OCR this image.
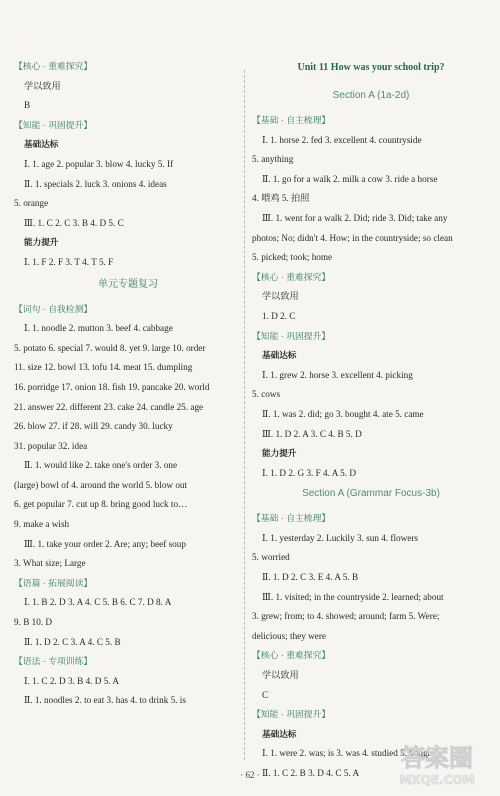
【核心 · 重难探究】
学以致用
B
【知能 · 巩固提升】
基础达标
Ⅰ. 1. age 2. popular 3. blow 4. lucky 5. If
Ⅱ. 1. specials 2. luck 3. onions 4. ideas
5. orange
Ⅲ. 1. C 2. C 3. B 4. D 5. C
能力提升
Ⅰ. 1. F 2. F 3. T 4. T 5. F
单元专题复习
【词句 · 自我检测】
Ⅰ. 1. noodle 2. mutton 3. beef 4. cabbage
5. potato 6. special 7. would 8. yet 9. large 10. order
11. size 12. bowl 13. tofu 14. meat 15. dumpling
16. porridge 17. onion 18. fish 19. pancake 20. world
21. answer 22. different 23. cake 24. candle 25. age
26. blow 27. if 28. will 29. candy 30. lucky
31. popular 32. idea
Ⅱ. 1. would like 2. take one's order 3. one
(large) bowl of 4. around the world 5. blow out
6. get popular 7. cut up 8. bring good luck to…
9. make a wish
Ⅲ. 1. take your order 2. Are; any; beef soup
3. What size; Large
【语篇 · 拓展阅读】
Ⅰ. 1. B 2. D 3. A 4. C 5. B 6. C 7. D 8. A
9. B 10. D
Ⅱ. 1. D 2. C 3. A 4. C 5. B
【语法 · 专项训练】
Ⅰ. 1. C 2. D 3. B 4. D 5. A
Ⅱ. 1. noodles 2. to eat 3. has 4. to drink 5. is
Unit 11 How was your school trip?
Section A (1a-2d)
【基础 · 自主梳理】
Ⅰ. 1. horse 2. fed 3. excellent 4. countryside
5. anything
Ⅱ. 1. go for a walk 2. milk a cow 3. ride a horse
4. 喂鸡 5. 拍照
Ⅲ. 1. went for a walk 2. Did; ride 3. Did; take any
photos; No; didn't 4. How; in the countryside; so clean
5. picked; took; home
【核心 · 重难探究】
学以致用
1. D 2. C
【知能 · 巩固提升】
基础达标
Ⅰ. 1. grew 2. horse 3. excellent 4. picking
5. cows
Ⅱ. 1. was 2. did; go 3. bought 4. ate 5. came
Ⅲ. 1. D 2. A 3. C 4. B 5. D
能力提升
Ⅰ. 1. D 2. G 3. F 4. A 5. D
Section A (Grammar Focus-3b)
【基础 · 自主梳理】
Ⅰ. 1. yesterday 2. Luckily 3. sun 4. flowers
5. worried
Ⅱ. 1. D 2. C 3. E 4. A 5. B
Ⅲ. 1. visited; in the countryside 2. learned; about
3. grew; from; to 4. showed; around; farm 5. Were;
delicious; they were
【核心 · 重难探究】
学以致用
C
【知能 · 巩固提升】
基础达标
Ⅰ. 1. were 2. was; is 3. was 4. studied 5. bought
Ⅱ. 1. C 2. B 3. D 4. C 5. A
· 62 ·
答案圈
MXQE.COM
